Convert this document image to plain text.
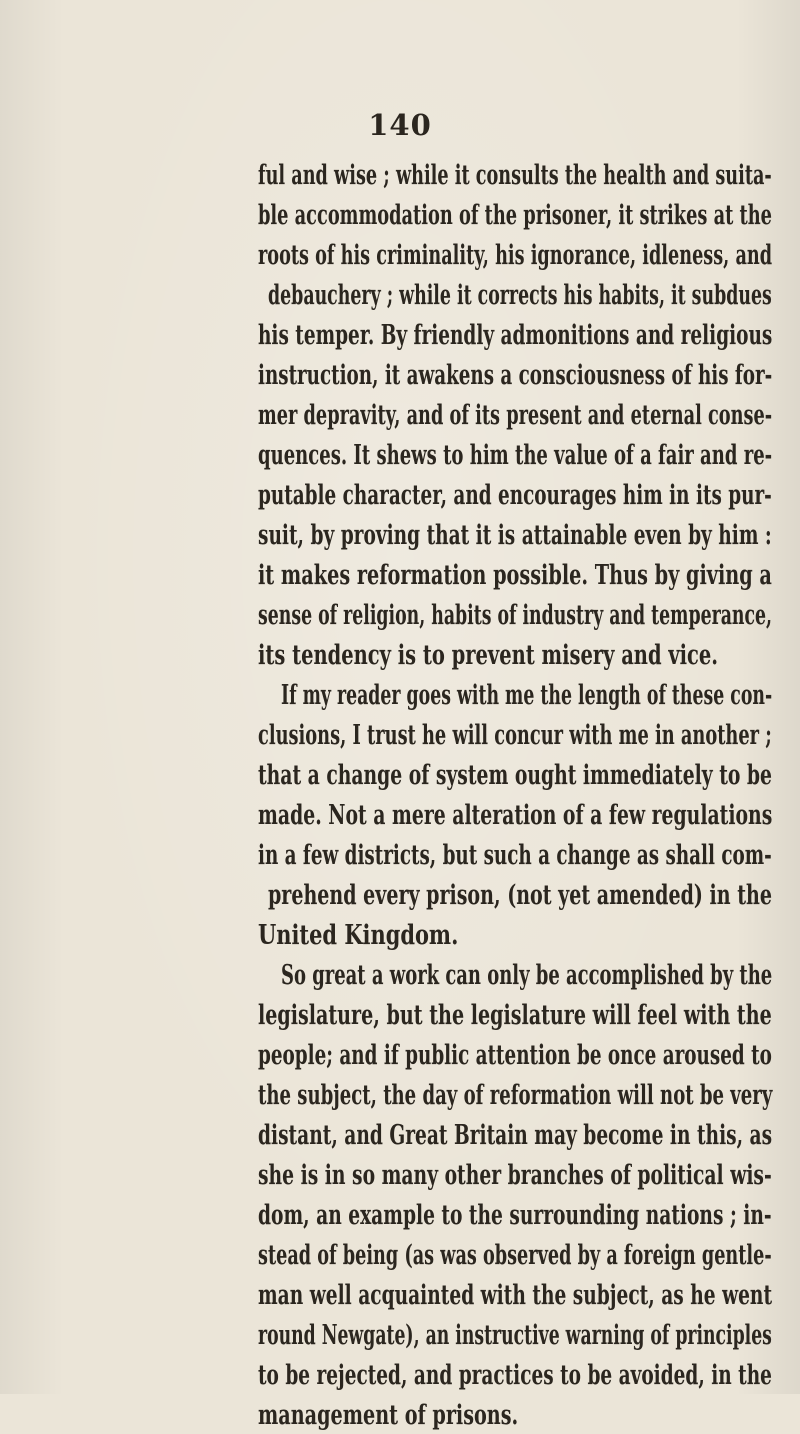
140
ful and wise ; while it consults the health and suita-
ble accommodation of the prisoner, it strikes at the
roots of his criminality, his ignorance, idleness, and
debauchery ; while it corrects his habits, it subdues
his temper. By friendly admonitions and religious
instruction, it awakens a consciousness of his for-
mer depravity, and of its present and eternal conse-
quences. It shews to him the value of a fair and re-
putable character, and encourages him in its pur-
suit, by proving that it is attainable even by him :
it makes reformation possible. Thus by giving a
sense of religion, habits of industry and temperance,
its tendency is to prevent misery and vice.
If my reader goes with me the length of these con-
clusions, I trust he will concur with me in another ;
that a change of system ought immediately to be
made. Not a mere alteration of a few regulations
in a few districts, but such a change as shall com-
prehend every prison, (not yet amended) in the
United Kingdom.
So great a work can only be accomplished by the
legislature, but the legislature will feel with the
people; and if public attention be once aroused to
the subject, the day of reformation will not be very
distant, and Great Britain may become in this, as
she is in so many other branches of political wis-
dom, an example to the surrounding nations ; in-
stead of being (as was observed by a foreign gentle-
man well acquainted with the subject, as he went
round Newgate), an instructive warning of principles
to be rejected, and practices to be avoided, in the
management of prisons.
